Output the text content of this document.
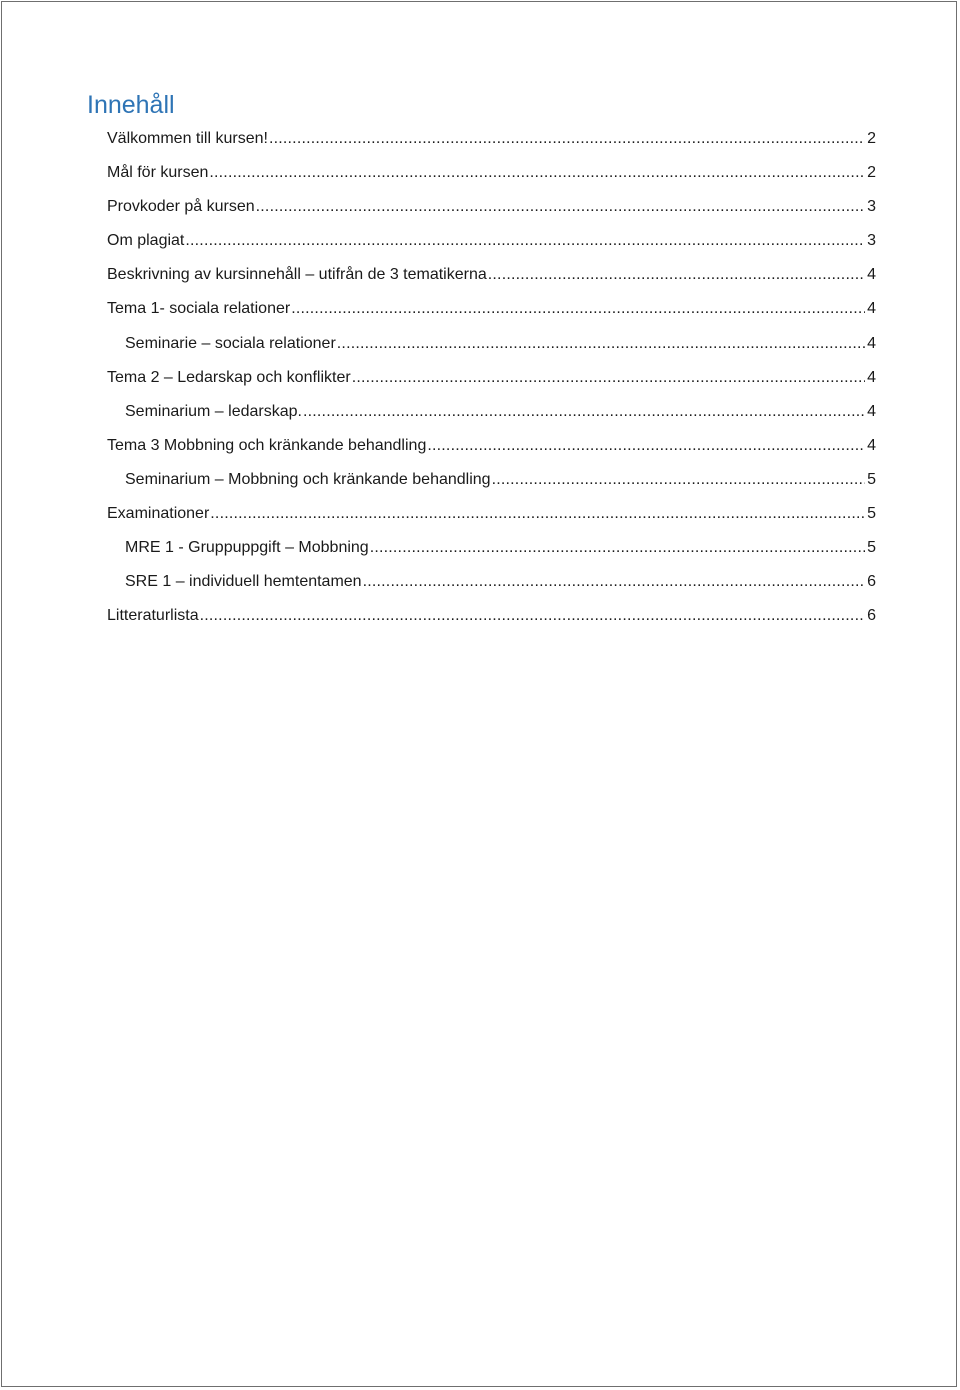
Innehåll
Välkommen till kursen! .....	2
Mål för kursen .....	2
Provkoder på kursen .....	3
Om plagiat .....	3
Beskrivning av kursinnehåll – utifrån de 3 tematikerna .....	4
Tema 1- sociala relationer .....	4
Seminarie – sociala relationer .....	4
Tema 2 – Ledarskap och konflikter .....	4
Seminarium – ledarskap. .....	4
Tema 3 Mobbning och kränkande behandling .....	4
Seminarium – Mobbning och kränkande behandling .....	5
Examinationer .....	5
MRE 1 - Gruppuppgift – Mobbning .....	5
SRE 1 – individuell hemtentamen .....	6
Litteraturlista .....	6
